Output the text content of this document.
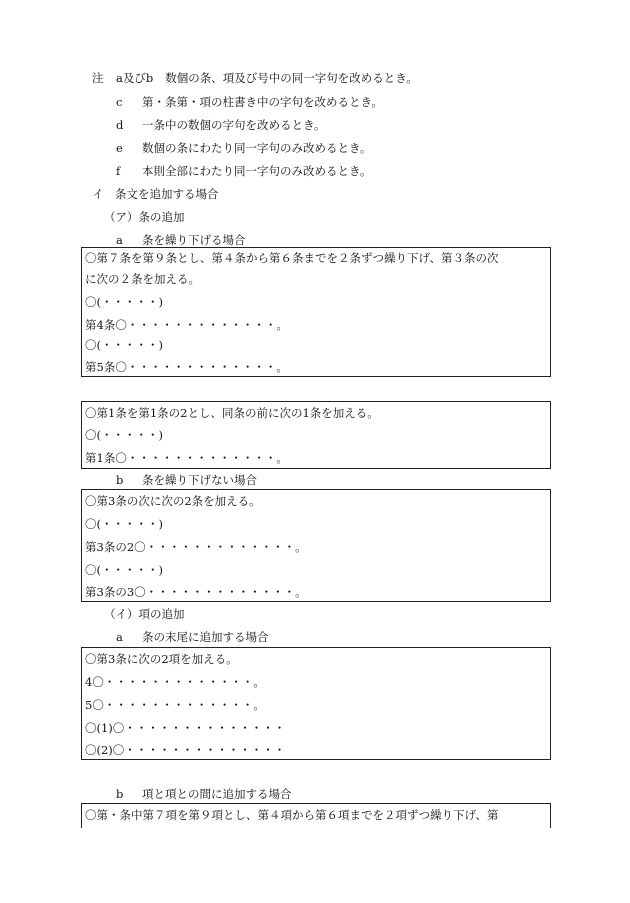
注 a及びb 数個の条、項及び号中の同一字句を改めるとき。
c	第・条第・項の柱書き中の字句を改めるとき。
d	一条中の数個の字句を改めるとき。
e	数個の条にわたり同一字句のみ改めるとき。
f	本則全部にわたり同一字句のみ改めるとき。
イ　条文を追加する場合
（ア）条の追加
a 条を繰り下げる場合
〇第７条を第９条とし、第４条から第６条までを２条ずつ繰り下げ、第３条の次
に次の２条を加える。
〇(・・・・・)
第4条〇・・・・・・・・・・・・・。
〇(・・・・・)
第5条〇・・・・・・・・・・・・・。
〇第1条を第1条の2とし、同条の前に次の1条を加える。
〇(・・・・・)
第1条〇・・・・・・・・・・・・・。
b 条を繰り下げない場合
〇第3条の次に次の2条を加える。
〇(・・・・・)
第3条の2〇・・・・・・・・・・・・・。
〇(・・・・・)
第3条の3〇・・・・・・・・・・・・・。
（イ）項の追加
a 条の末尾に追加する場合
〇第3条に次の2項を加える。
4〇・・・・・・・・・・・・・。
5〇・・・・・・・・・・・・・。
〇(1)〇・・・・・・・・・・・・・・
〇(2)〇・・・・・・・・・・・・・・
b 項と項との間に追加する場合
〇第・条中第７項を第９項とし、第４項から第６項までを２項ずつ繰り下げ、第
